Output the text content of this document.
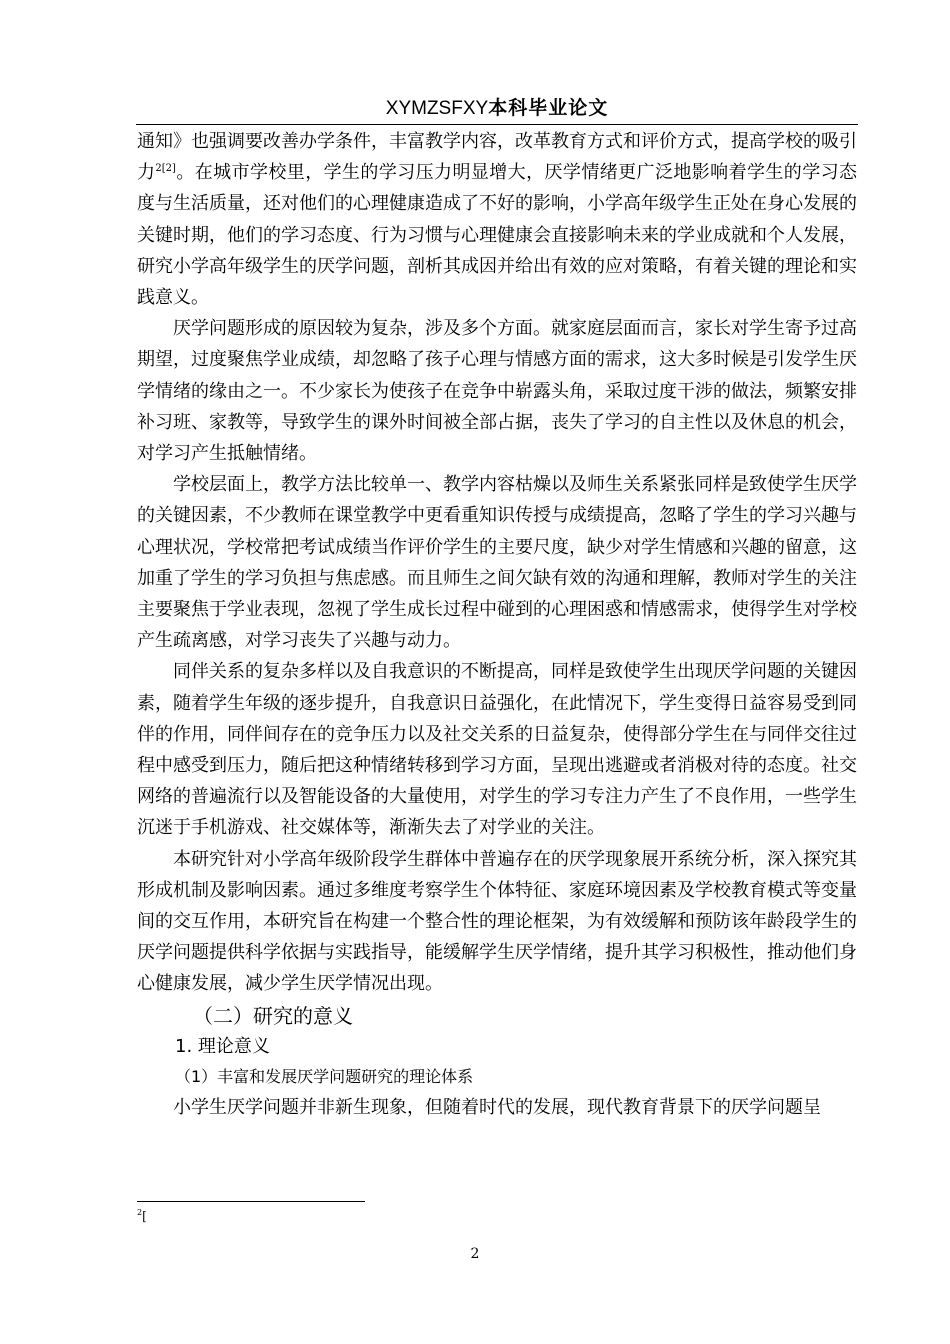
XYMZSFXY本科毕业论文

通知》也强调要改善办学条件，丰富教学内容，改革教育方式和评价方式，提高学校的吸引力$^{2[2]}$。在城市学校里，学生的学习压力明显增大，厌学情绪更广泛地影响着学生的学习态度与生活质量，还对他们的心理健康造成了不好的影响，小学高年级学生正处在身心发展的关键时期，他们的学习态度、行为习惯与心理健康会直接影响未来的学业成就和个人发展，研究小学高年级学生的厌学问题，剖析其成因并给出有效的应对策略，有着关键的理论和实践意义。

厌学问题形成的原因较为复杂，涉及多个方面。就家庭层面而言，家长对学生寄予过高期望，过度聚焦学业成绩，却忽略了孩子心理与情感方面的需求，这大多时候是引发学生厌学情绪的缘由之一。不少家长为使孩子在竞争中崭露头角，采取过度干涉的做法，频繁安排补习班、家教等，导致学生的课外时间被全部占据，丧失了学习的自主性以及休息的机会，对学习产生抵触情绪。

学校层面上，教学方法比较单一、教学内容枯燥以及师生关系紧张同样是致使学生厌学的关键因素，不少教师在课堂教学中更看重知识传授与成绩提高，忽略了学生的学习兴趣与心理状况，学校常把考试成绩当作评价学生的主要尺度，缺少对学生情感和兴趣的留意，这加重了学生的学习负担与焦虑感。而且师生之间欠缺有效的沟通和理解，教师对学生的关注主要聚焦于学业表现，忽视了学生成长过程中碰到的心理困惑和情感需求，使得学生对学校产生疏离感，对学习丧失了兴趣与动力。

同伴关系的复杂多样以及自我意识的不断提高，同样是致使学生出现厌学问题的关键因素，随着学生年级的逐步提升，自我意识日益强化，在此情况下，学生变得日益容易受到同伴的作用，同伴间存在的竞争压力以及社交关系的日益复杂，使得部分学生在与同伴交往过程中感受到压力，随后把这种情绪转移到学习方面，呈现出逃避或者消极对待的态度。社交网络的普遍流行以及智能设备的大量使用，对学生的学习专注力产生了不良作用，一些学生沉迷于手机游戏、社交媒体等，渐渐失去了对学业的关注。

本研究针对小学高年级阶段学生群体中普遍存在的厌学现象展开系统分析，深入探究其形成机制及影响因素。通过多维度考察学生个体特征、家庭环境因素及学校教育模式等变量间的交互作用，本研究旨在构建一个整合性的理论框架，为有效缓解和预防该年龄段学生的厌学问题提供科学依据与实践指导，能缓解学生厌学情绪，提升其学习积极性，推动他们身心健康发展，减少学生厌学情况出现。

（二）研究的意义
1. 理论意义
（1）丰富和发展厌学问题研究的理论体系

小学生厌学问题并非新生现象，但随着时代的发展，现代教育背景下的厌学问题呈

$^2$[
2
